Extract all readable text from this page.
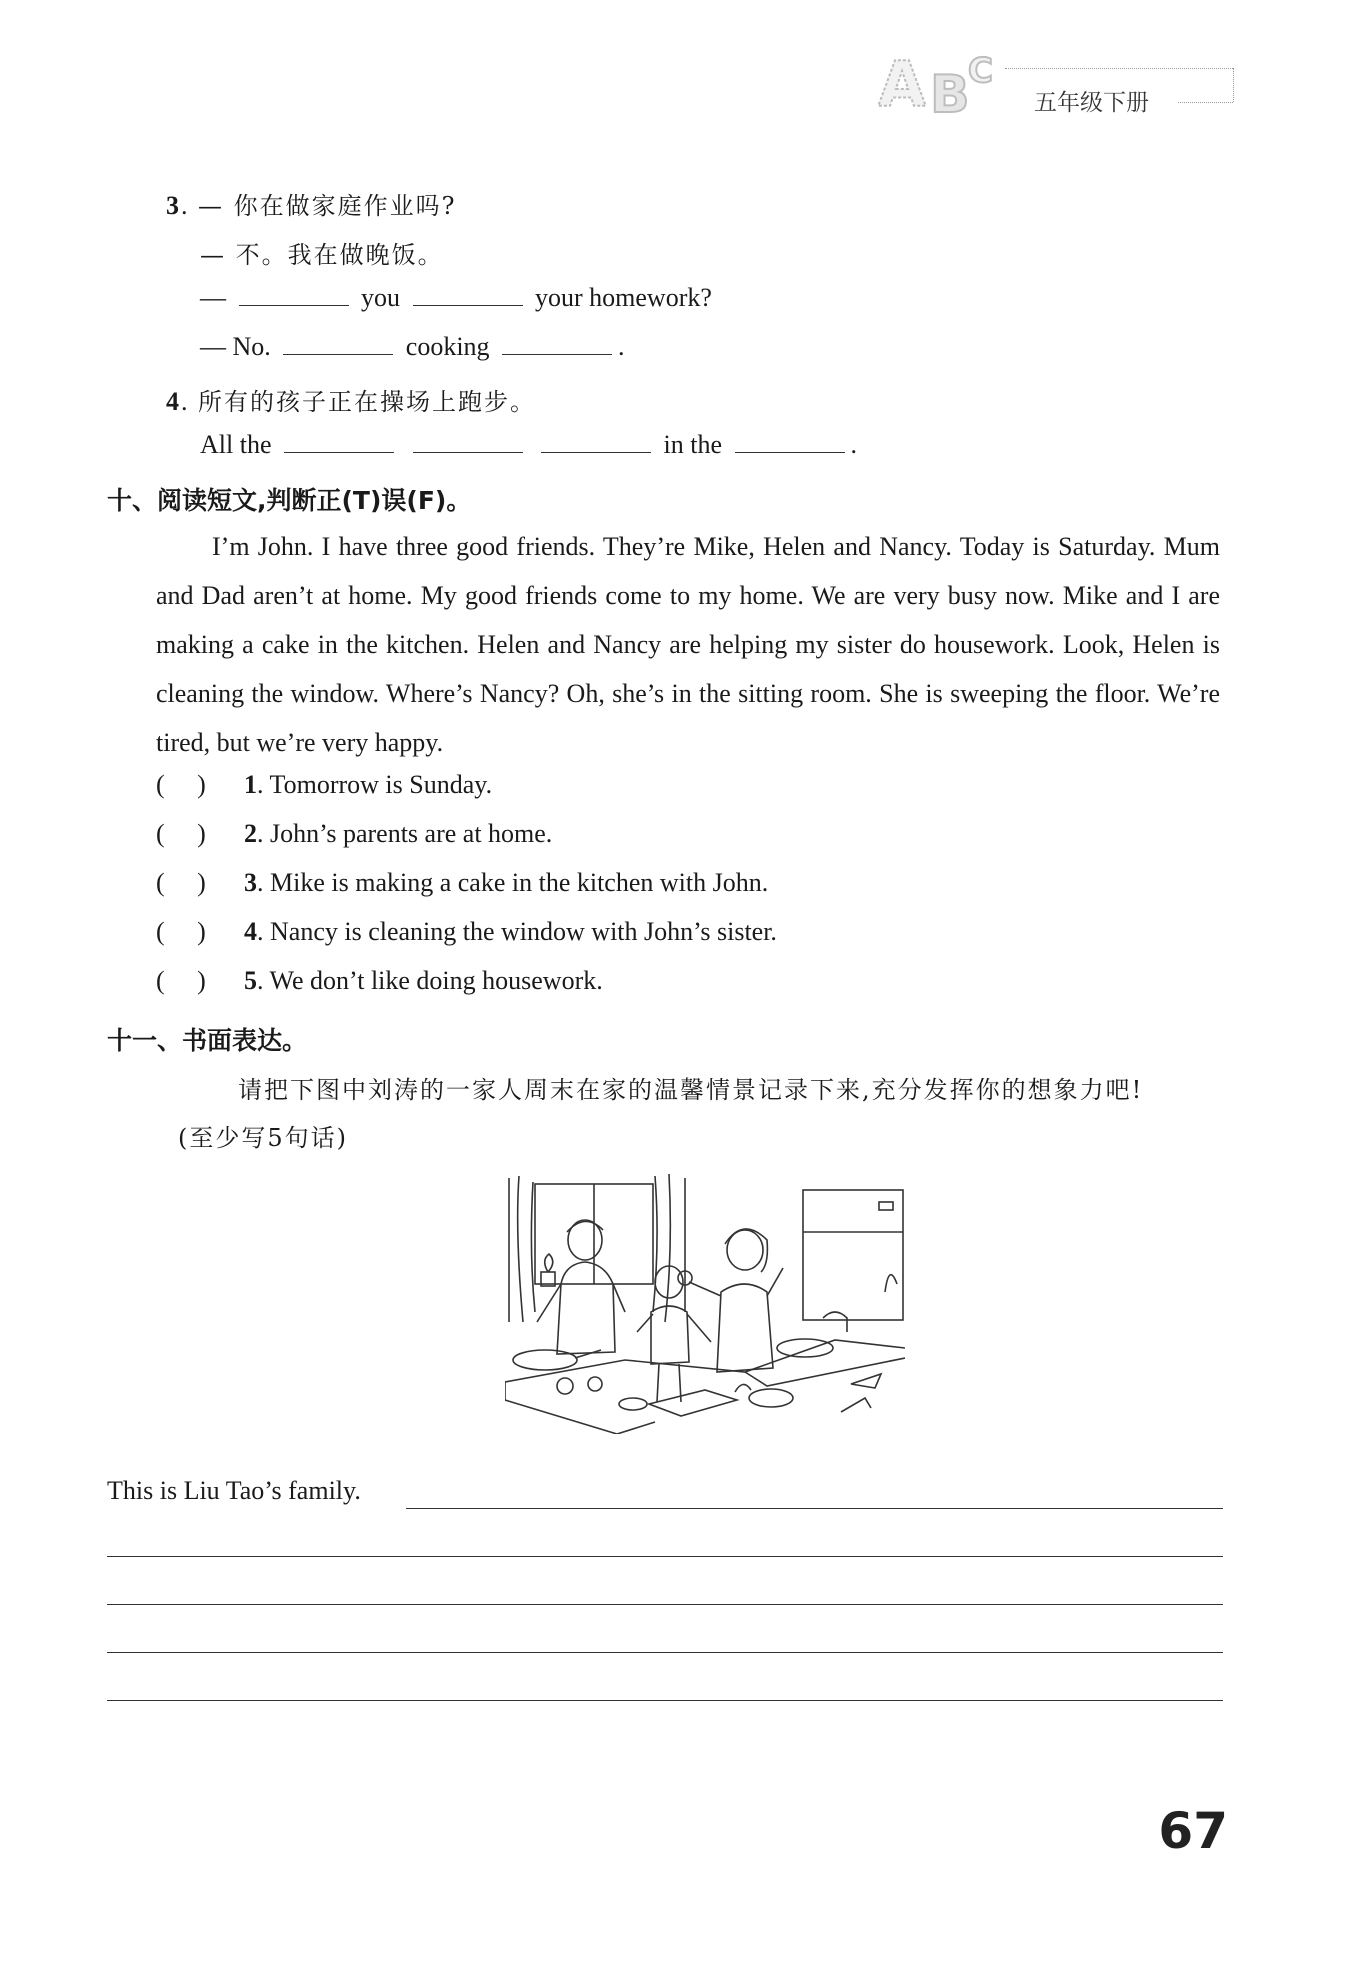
A B
C
五年级下册
3. — 你在做家庭作业吗?
— 不。我在做晚饭。
—	you	your homework?
— No.	cooking	.
4. 所有的孩子正在操场上跑步。
All the	in the	.
十、阅读短文,判断正(T)误(F)。

I’m John. I have three good friends. They’re Mike, Helen and Nancy. Today is Saturday. Mum and Dad aren’t at home. My good friends come to my home. We are very busy now. Mike and I are making a cake in the kitchen. Helen and Nancy are helping my sister do housework. Look, Helen is cleaning the window. Where’s Nancy? Oh, she’s in the sitting room. She is sweeping the floor. We’re tired, but we’re very happy.

(     ) 1. Tomorrow is Sunday.
(     ) 2. John’s parents are at home.
(     ) 3. Mike is making a cake in the kitchen with John.
(     ) 4. Nancy is cleaning the window with John’s sister.
(     ) 5. We don’t like doing housework.
十一、书面表达。
请把下图中刘涛的一家人周末在家的温馨情景记录下来,充分发挥你的想象力吧!
(至少写5句话)
This is Liu Tao’s family.
67
